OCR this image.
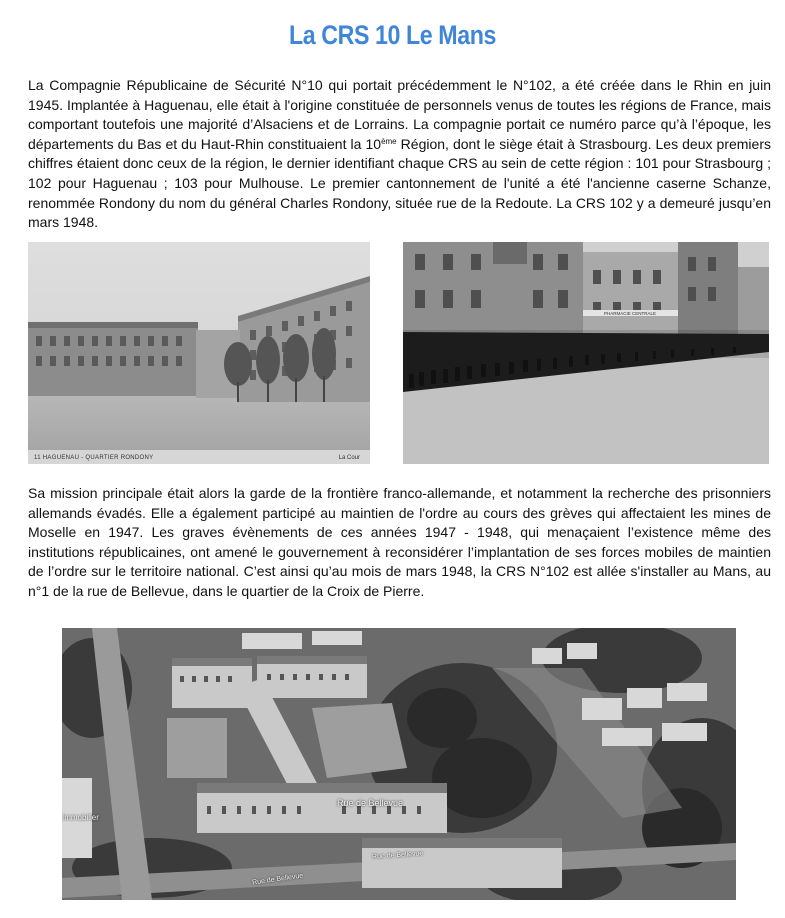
La CRS 10 Le Mans

La Compagnie Républicaine de Sécurité N°10 qui portait précédemment le N°102, a été créée dans le Rhin en juin 1945. Implantée à Haguenau, elle était à l'origine constituée de personnels venus de toutes les régions de France, mais comportant toutefois une majorité d’Alsaciens et de Lorrains. La compagnie portait ce numéro parce qu’à l’époque, les départements du Bas et du Haut-Rhin constituaient la 10ème Région, dont le siège était à Strasbourg. Les deux premiers chiffres étaient donc ceux de la région, le dernier identifiant chaque CRS au sein de cette région : 101 pour Strasbourg ; 102 pour Haguenau ; 103 pour Mulhouse. Le premier cantonnement de l'unité a été l'ancienne caserne Schanze, renommée Rondony du nom du général Charles Rondony, située rue de la Redoute. La CRS 102 y a demeuré jusqu’en mars 1948.

11 HAGUENAU - QUARTIER RONDONY	La Cour
PHARMACIE CENTRALE

Sa mission principale était alors la garde de la frontière franco-allemande, et notamment la recherche des prisonniers allemands évadés. Elle a également participé au maintien de l'ordre au cours des grèves qui affectaient les mines de Moselle en 1947. Les graves évènements de ces années 1947 - 1948, qui menaçaient l’existence même des institutions républicaines, ont amené le gouvernement à reconsidérer l’implantation de ses forces mobiles de maintien de l’ordre sur le territoire national. C’est ainsi qu’au mois de mars 1948, la CRS N°102 est allée s'installer au Mans, au n°1 de la rue de Bellevue, dans le quartier de la Croix de Pierre.

Rue de Bellevue
Rue de Bellevue
Rue de Bellevue
Immobilier
